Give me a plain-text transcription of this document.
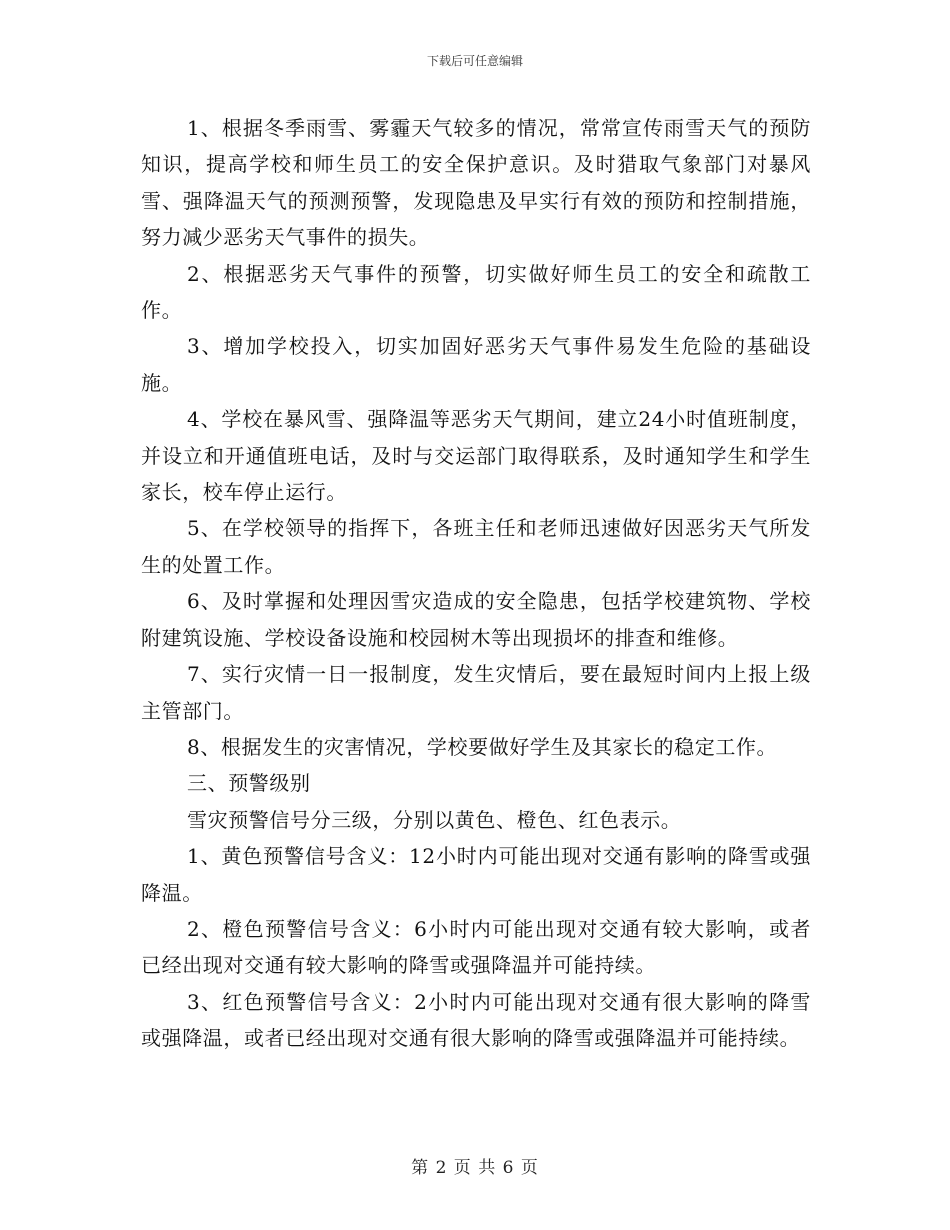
下载后可任意编辑

1、根据冬季雨雪、雾霾天气较多的情况，常常宣传雨雪天气的预防知识，提高学校和师生员工的安全保护意识。及时猎取气象部门对暴风雪、强降温天气的预测预警，发现隐患及早实行有效的预防和控制措施，努力减少恶劣天气事件的损失。

2、根据恶劣天气事件的预警，切实做好师生员工的安全和疏散工作。

3、增加学校投入，切实加固好恶劣天气事件易发生危险的基础设施。

4、学校在暴风雪、强降温等恶劣天气期间，建立24小时值班制度，并设立和开通值班电话，及时与交运部门取得联系，及时通知学生和学生家长，校车停止运行。

5、在学校领导的指挥下，各班主任和老师迅速做好因恶劣天气所发生的处置工作。

6、及时掌握和处理因雪灾造成的安全隐患，包括学校建筑物、学校附建筑设施、学校设备设施和校园树木等出现损坏的排查和维修。

7、实行灾情一日一报制度，发生灾情后，要在最短时间内上报上级主管部门。

8、根据发生的灾害情况，学校要做好学生及其家长的稳定工作。

三、预警级别

雪灾预警信号分三级，分别以黄色、橙色、红色表示。

1、黄色预警信号含义：12小时内可能出现对交通有影响的降雪或强降温。

2、橙色预警信号含义：6小时内可能出现对交通有较大影响，或者已经出现对交通有较大影响的降雪或强降温并可能持续。

3、红色预警信号含义：2小时内可能出现对交通有很大影响的降雪或强降温，或者已经出现对交通有很大影响的降雪或强降温并可能持续。

第 2 页 共 6 页
